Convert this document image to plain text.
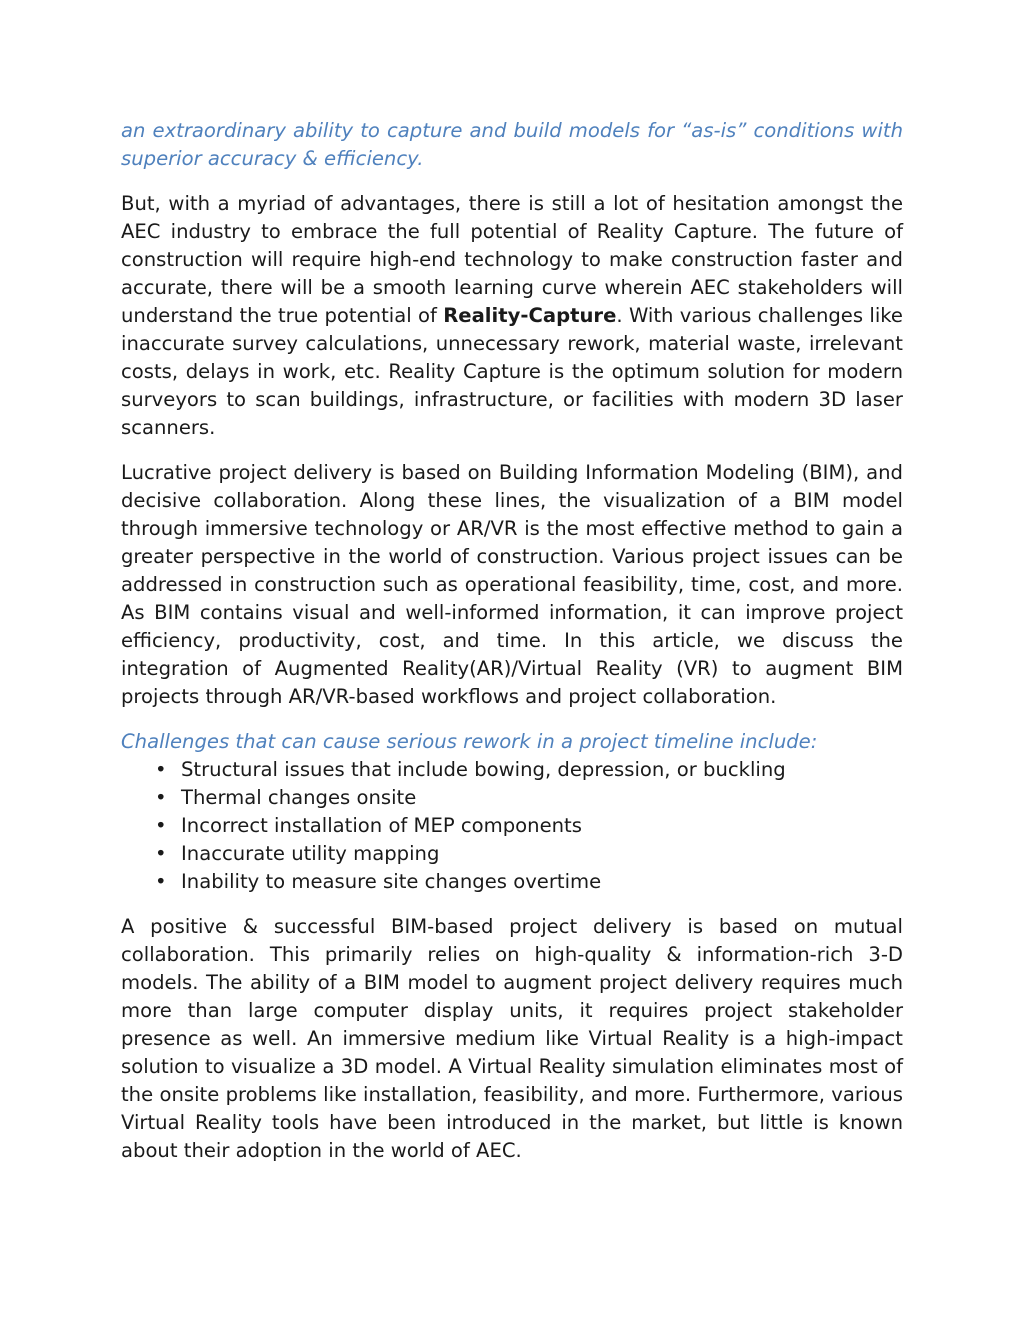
an extraordinary ability to capture and build models for “as-is” conditions with superior accuracy & efficiency.

But, with a myriad of advantages, there is still a lot of hesitation amongst the AEC industry to embrace the full potential of Reality Capture. The future of construction will require high-end technology to make construction faster and accurate, there will be a smooth learning curve wherein AEC stakeholders will understand the true potential of Reality-Capture. With various challenges like inaccurate survey calculations, unnecessary rework, material waste, irrelevant costs, delays in work, etc. Reality Capture is the optimum solution for modern surveyors to scan buildings, infrastructure, or facilities with modern 3D laser scanners.

Lucrative project delivery is based on Building Information Modeling (BIM), and decisive collaboration. Along these lines, the visualization of a BIM model through immersive technology or AR/VR is the most effective method to gain a greater perspective in the world of construction. Various project issues can be addressed in construction such as operational feasibility, time, cost, and more. As BIM contains visual and well-informed information, it can improve project efficiency, productivity, cost, and time. In this article, we discuss the integration of Augmented Reality(AR)/Virtual Reality (VR) to augment BIM projects through AR/VR-based workflows and project collaboration.

Challenges that can cause serious rework in a project timeline include:

• Structural issues that include bowing, depression, or buckling
• Thermal changes onsite
• Incorrect installation of MEP components
• Inaccurate utility mapping
• Inability to measure site changes overtime

A positive & successful BIM-based project delivery is based on mutual collaboration. This primarily relies on high-quality & information-rich 3-D models. The ability of a BIM model to augment project delivery requires much more than large computer display units, it requires project stakeholder presence as well. An immersive medium like Virtual Reality is a high-impact solution to visualize a 3D model. A Virtual Reality simulation eliminates most of the onsite problems like installation, feasibility, and more. Furthermore, various Virtual Reality tools have been introduced in the market, but little is known about their adoption in the world of AEC.
